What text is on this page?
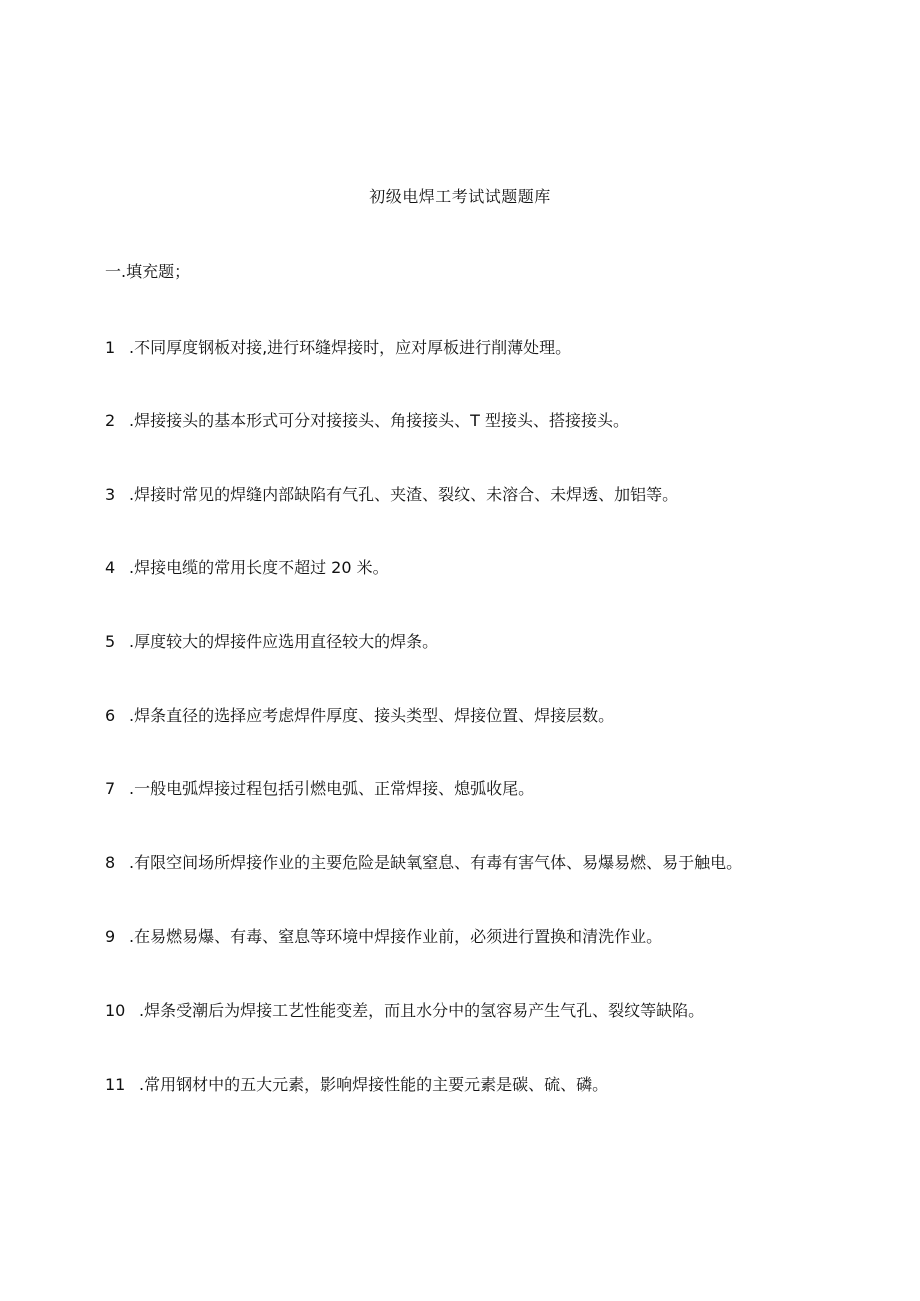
初级电焊工考试试题题库
一.填充题；
1 .不同厚度钢板对接,进行环缝焊接时，应对厚板进行削薄处理。
2 .焊接接头的基本形式可分对接接头、角接接头、T 型接头、搭接接头。
3 .焊接时常见的焊缝内部缺陷有气孔、夹渣、裂纹、未溶合、未焊透、加铝等。
4 .焊接电缆的常用长度不超过 20 米。
5 .厚度较大的焊接件应选用直径较大的焊条。
6 .焊条直径的选择应考虑焊件厚度、接头类型、焊接位置、焊接层数。
7 .一般电弧焊接过程包括引燃电弧、正常焊接、熄弧收尾。
8 .有限空间场所焊接作业的主要危险是缺氧窒息、有毒有害气体、易爆易燃、易于触电。
9 .在易燃易爆、有毒、窒息等环境中焊接作业前，必须进行置换和清洗作业。
10 .焊条受潮后为焊接工艺性能变差，而且水分中的氢容易产生气孔、裂纹等缺陷。
11 .常用钢材中的五大元素，影响焊接性能的主要元素是碳、硫、磷。
